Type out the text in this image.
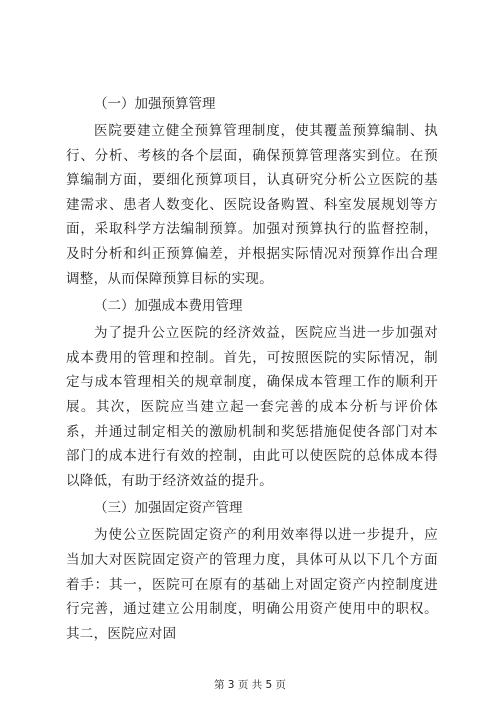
（一）加强预算管理

医院要建立健全预算管理制度，使其覆盖预算编制、执行、分析、考核的各个层面，确保预算管理落实到位。在预算编制方面，要细化预算项目，认真研究分析公立医院的基建需求、患者人数变化、医院设备购置、科室发展规划等方面，采取科学方法编制预算。加强对预算执行的监督控制，及时分析和纠正预算偏差，并根据实际情况对预算作出合理调整，从而保障预算目标的实现。

（二）加强成本费用管理

为了提升公立医院的经济效益，医院应当进一步加强对成本费用的管理和控制。首先，可按照医院的实际情况，制定与成本管理相关的规章制度，确保成本管理工作的顺利开展。其次，医院应当建立起一套完善的成本分析与评价体系，并通过制定相关的激励机制和奖惩措施促使各部门对本部门的成本进行有效的控制，由此可以使医院的总体成本得以降低，有助于经济效益的提升。

（三）加强固定资产管理

为使公立医院固定资产的利用效率得以进一步提升，应当加大对医院固定资产的管理力度，具体可从以下几个方面着手：其一，医院可在原有的基础上对固定资产内控制度进行完善，通过建立公用制度，明确公用资产使用中的职权。其二，医院应对固

第 3 页 共 5 页
